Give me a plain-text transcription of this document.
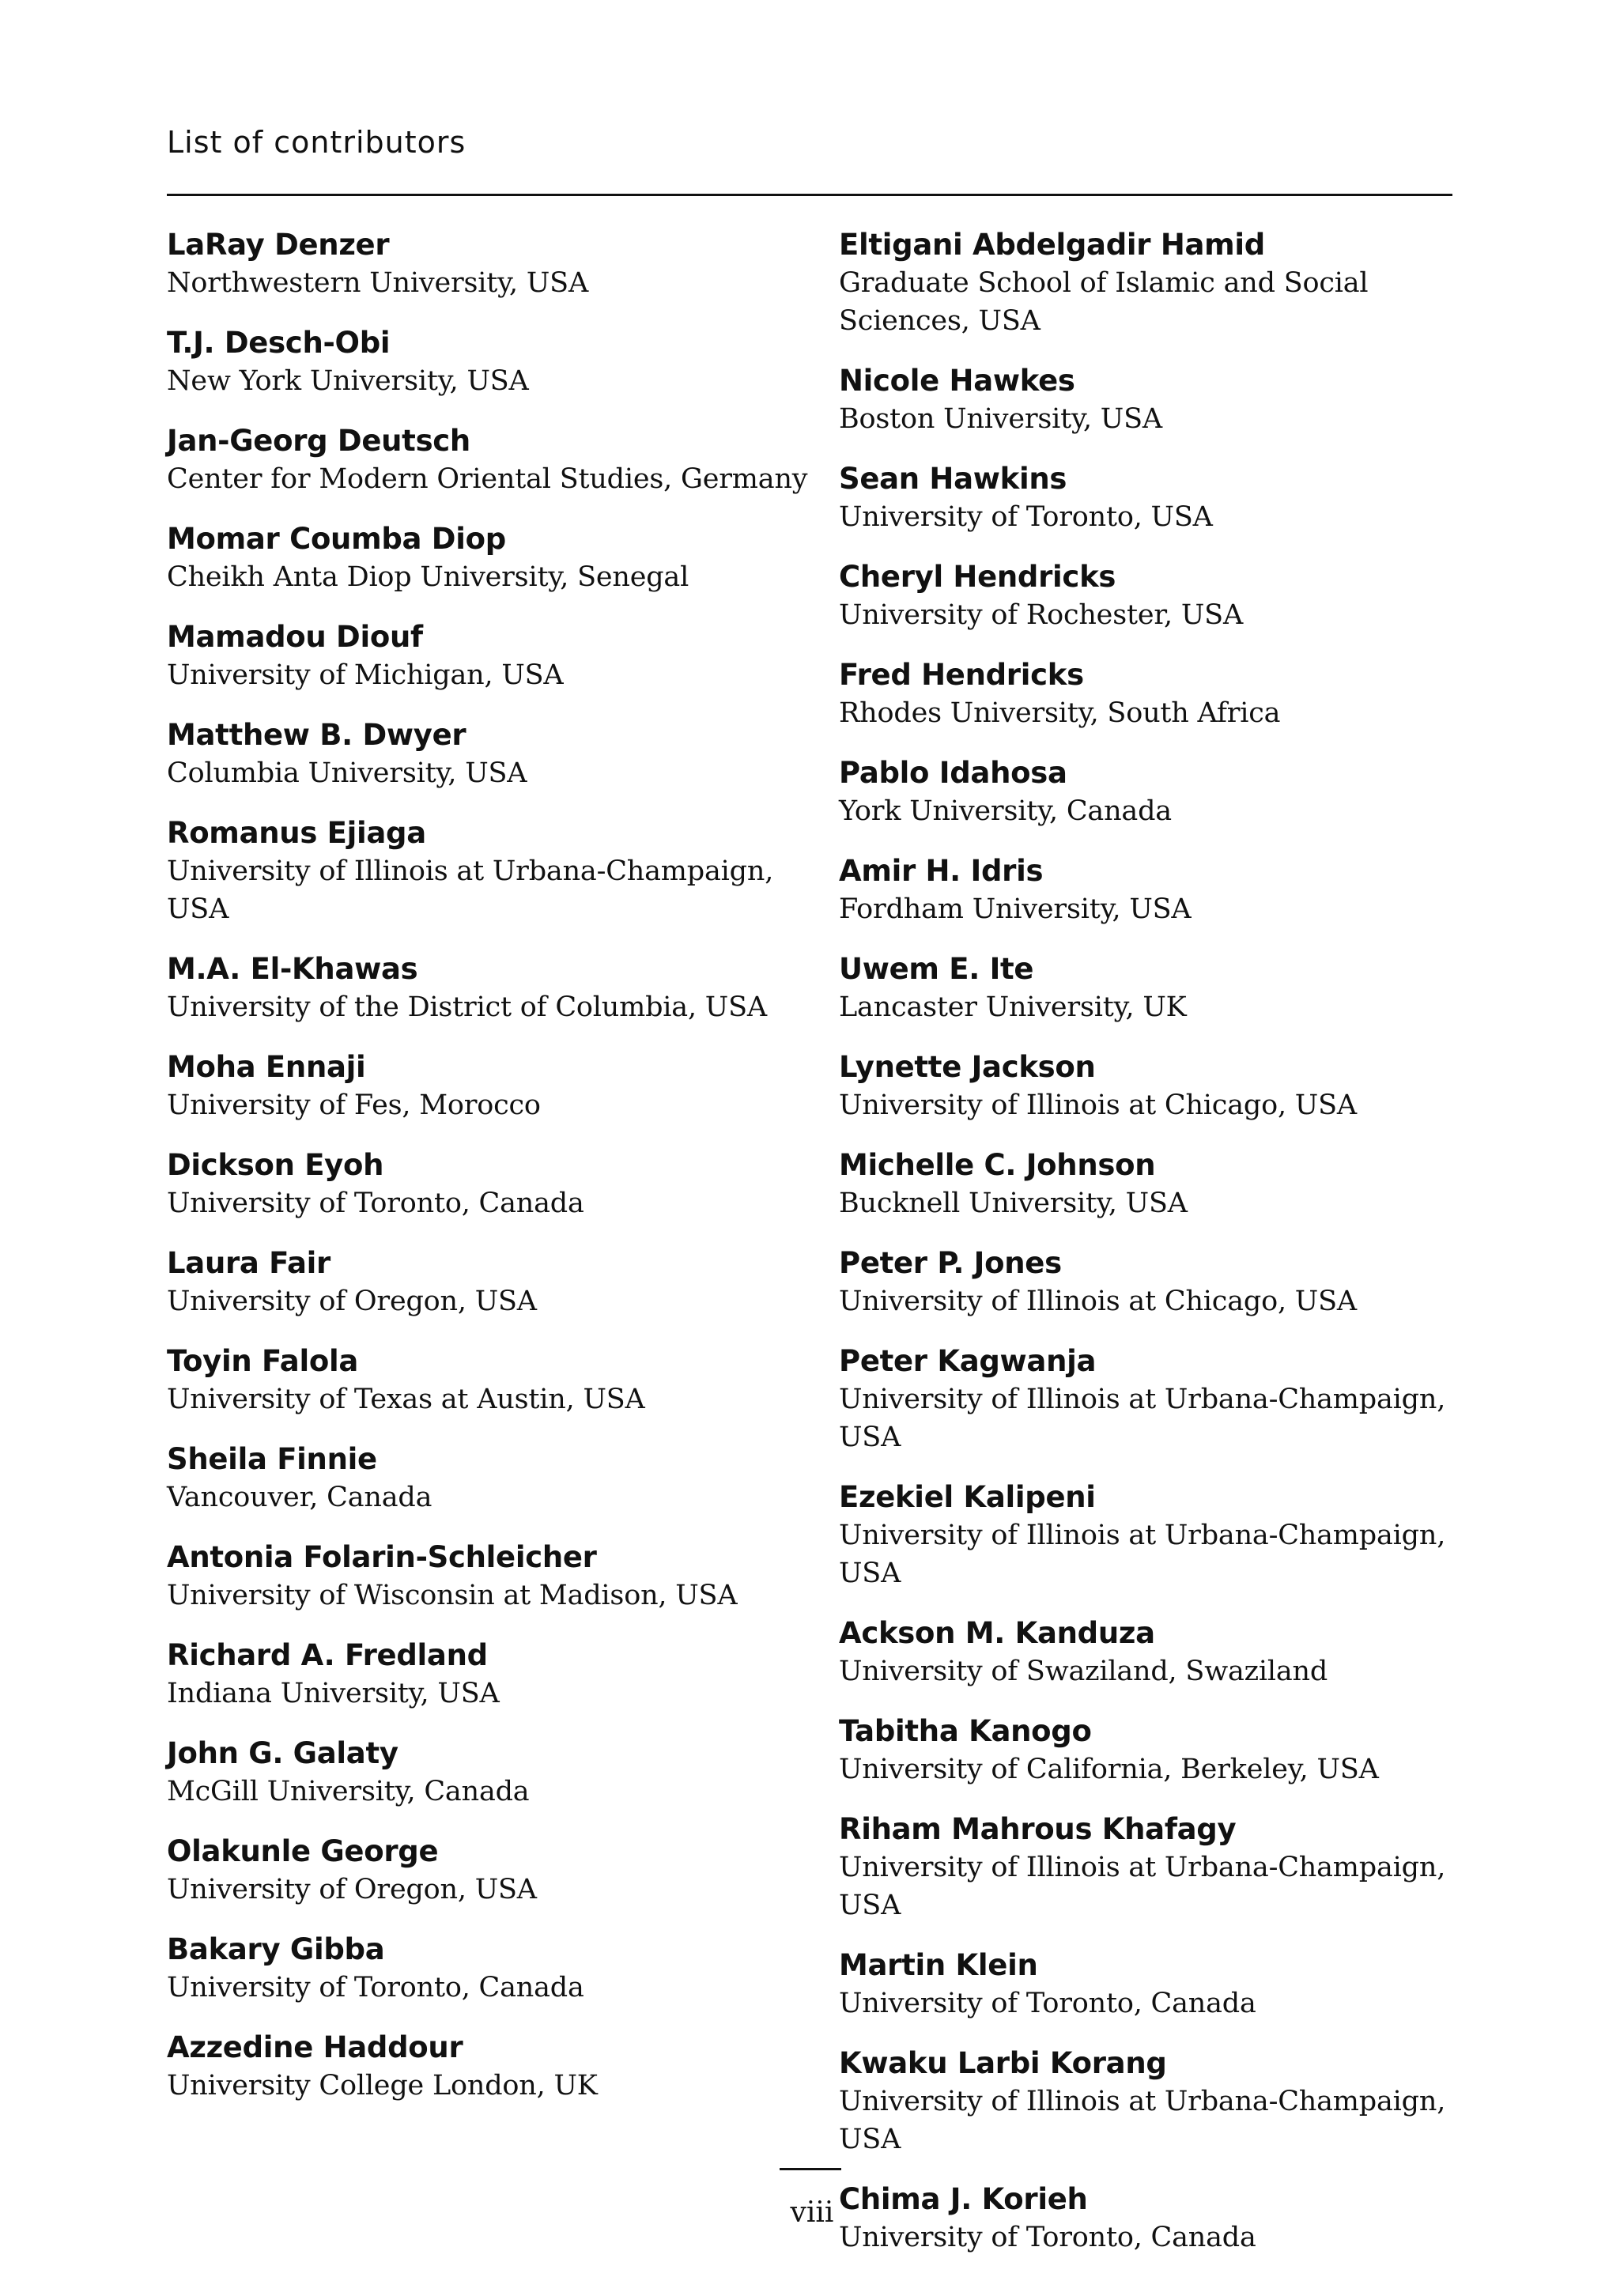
List of contributors
LaRay Denzer
Northwestern University, USA
T.J. Desch-Obi
New York University, USA
Jan-Georg Deutsch
Center for Modern Oriental Studies, Germany
Momar Coumba Diop
Cheikh Anta Diop University, Senegal
Mamadou Diouf
University of Michigan, USA
Matthew B. Dwyer
Columbia University, USA
Romanus Ejiaga
University of Illinois at Urbana-Champaign, USA
M.A. El-Khawas
University of the District of Columbia, USA
Moha Ennaji
University of Fes, Morocco
Dickson Eyoh
University of Toronto, Canada
Laura Fair
University of Oregon, USA
Toyin Falola
University of Texas at Austin, USA
Sheila Finnie
Vancouver, Canada
Antonia Folarin-Schleicher
University of Wisconsin at Madison, USA
Richard A. Fredland
Indiana University, USA
John G. Galaty
McGill University, Canada
Olakunle George
University of Oregon, USA
Bakary Gibba
University of Toronto, Canada
Azzedine Haddour
University College London, UK
Eltigani Abdelgadir Hamid
Graduate School of Islamic and Social Sciences, USA
Nicole Hawkes
Boston University, USA
Sean Hawkins
University of Toronto, USA
Cheryl Hendricks
University of Rochester, USA
Fred Hendricks
Rhodes University, South Africa
Pablo Idahosa
York University, Canada
Amir H. Idris
Fordham University, USA
Uwem E. Ite
Lancaster University, UK
Lynette Jackson
University of Illinois at Chicago, USA
Michelle C. Johnson
Bucknell University, USA
Peter P. Jones
University of Illinois at Chicago, USA
Peter Kagwanja
University of Illinois at Urbana-Champaign, USA
Ezekiel Kalipeni
University of Illinois at Urbana-Champaign, USA
Ackson M. Kanduza
University of Swaziland, Swaziland
Tabitha Kanogo
University of California, Berkeley, USA
Riham Mahrous Khafagy
University of Illinois at Urbana-Champaign, USA
Martin Klein
University of Toronto, Canada
Kwaku Larbi Korang
University of Illinois at Urbana-Champaign, USA
Chima J. Korieh
University of Toronto, Canada
viii
